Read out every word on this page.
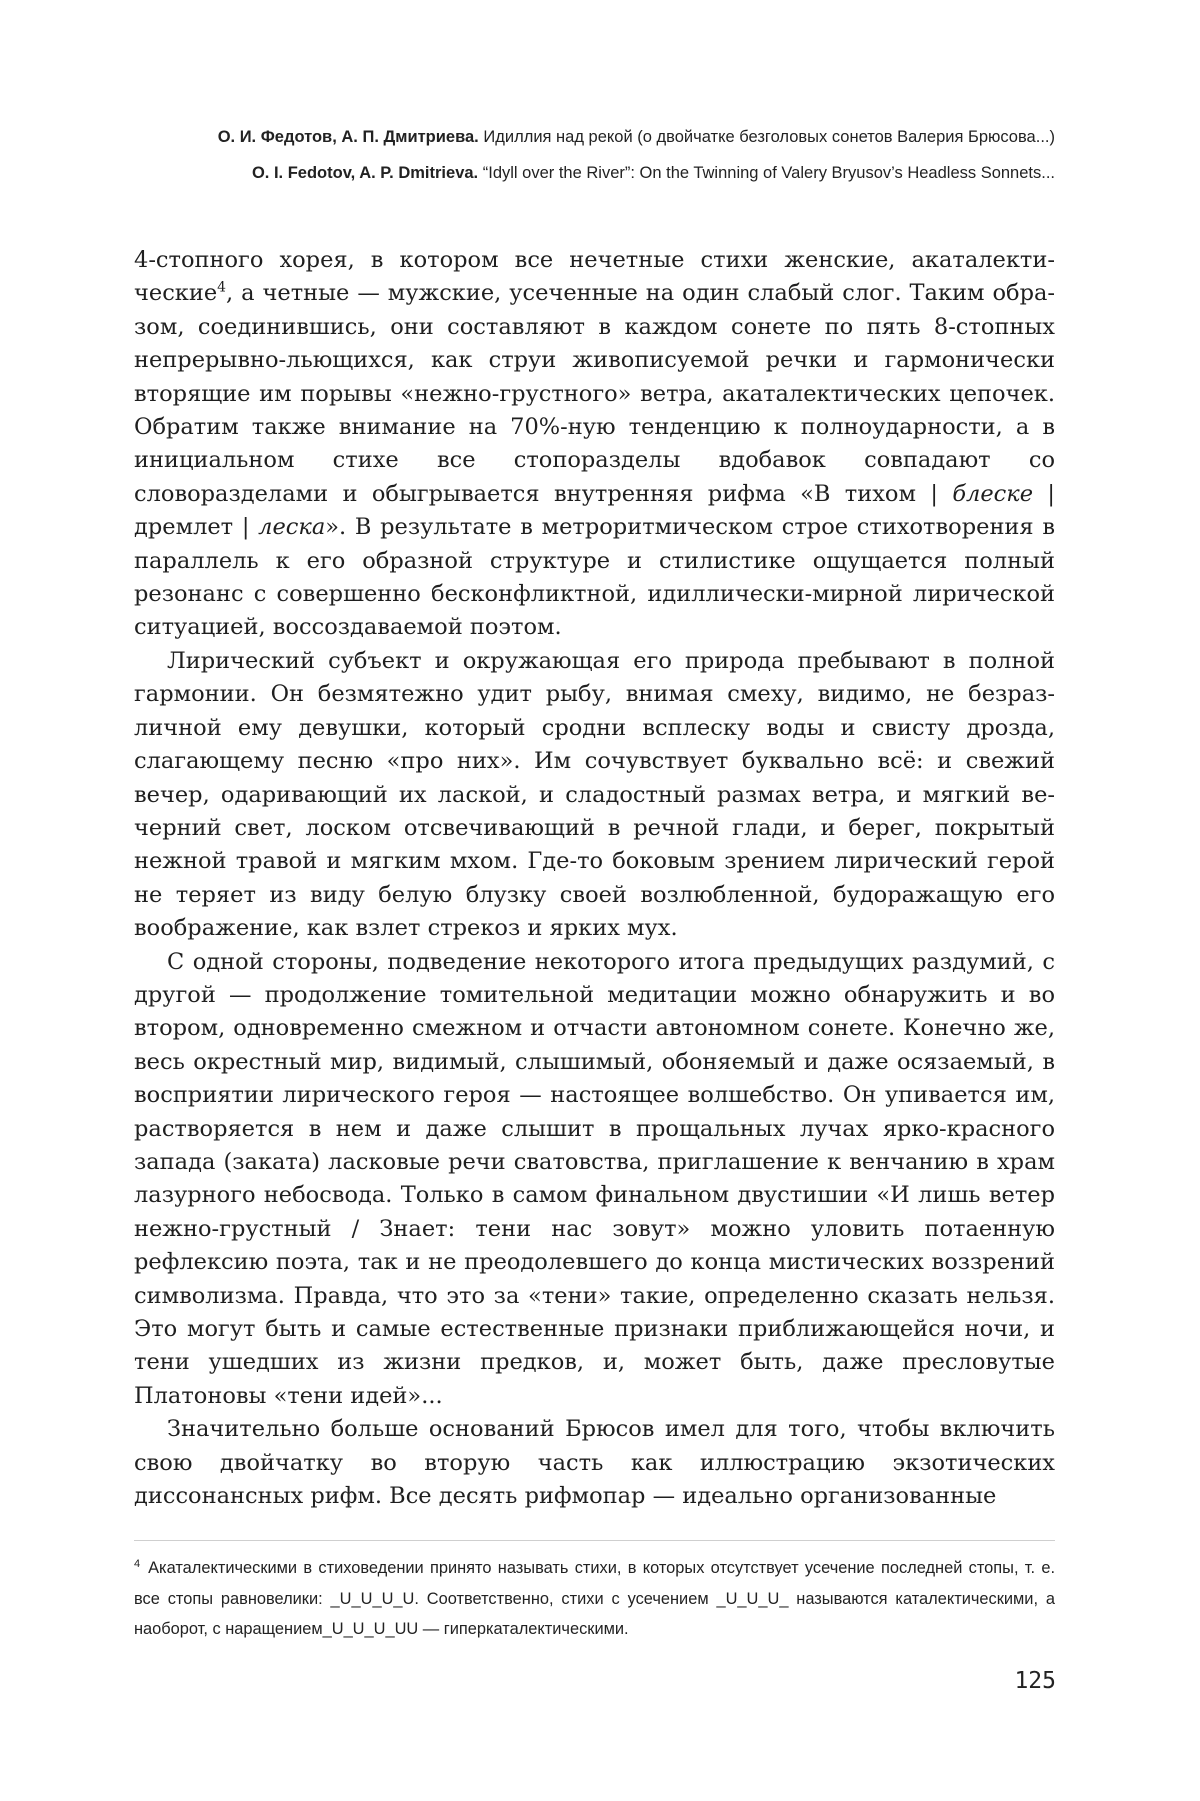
О. И. Федотов, А. П. Дмитриева. Идиллия над рекой (о двойчатке безголовых сонетов Валерия Брюсова...)
O. I. Fedotov, A. P. Dmitrieva. “Idyll over the River”: On the Twinning of Valery Bryusov’s Headless Sonnets...

4-стопного хорея, в котором все нечетные стихи женские, акаталектические$^4$, а четные — мужские, усеченные на один слабый слог. Таким образом, соединившись, они составляют в каждом сонете по пять 8-стопных непрерывно-льющихся, как струи живописуемой речки и гармонически вторящие им порывы «нежно-грустного» ветра, акаталектических цепочек. Обратим также внимание на 70%-ную тенденцию к полноударности, а в инициальном стихе все стопоразделы вдобавок совпадают со словоразделами и обыгрывается внутренняя рифма «В тихом | блеске | дремлет | леска». В результате в метроритмическом строе стихотворения в параллель к его образной структуре и стилистике ощущается полный резонанс с совершенно бесконфликтной, идиллически-мирной лирической ситуацией, воссоздаваемой поэтом.

Лирический субъект и окружающая его природа пребывают в полной гармонии. Он безмятежно удит рыбу, внимая смеху, видимо, не безразличной ему девушки, который сродни всплеску воды и свисту дрозда, слагающему песню «про них». Им сочувствует буквально всё: и свежий вечер, одаривающий их лаской, и сладостный размах ветра, и мягкий вечерний свет, лоском отсвечивающий в речной глади, и берег, покрытый нежной травой и мягким мхом. Где-то боковым зрением лирический герой не теряет из виду белую блузку своей возлюбленной, будоражащую его воображение, как взлет стрекоз и ярких мух.

С одной стороны, подведение некоторого итога предыдущих раздумий, с другой — продолжение томительной медитации можно обнаружить и во втором, одновременно смежном и отчасти автономном сонете. Конечно же, весь окрестный мир, видимый, слышимый, обоняемый и даже осязаемый, в восприятии лирического героя — настоящее волшебство. Он упивается им, растворяется в нем и даже слышит в прощальных лучах ярко-красного запада (заката) ласковые речи сватовства, приглашение к венчанию в храм лазурного небосвода. Только в самом финальном двустишии «И лишь ветер нежно-грустный / Знает: тени нас зовут» можно уловить потаенную рефлексию поэта, так и не преодолевшего до конца мистических воззрений символизма. Правда, что это за «тени» такие, определенно сказать нельзя. Это могут быть и самые естественные признаки приближающейся ночи, и тени ушедших из жизни предков, и, может быть, даже пресловутые Платоновы «тени идей»...

Значительно больше оснований Брюсов имел для того, чтобы включить свою двойчатку во вторую часть как иллюстрацию экзотических диссонансных рифм. Все десять рифмопар — идеально организованные

$^4$ Акаталектическими в стиховедении принято называть стихи, в которых отсутствует усечение последней стопы, т. е. все стопы равновелики: _U_U_U_U. Соответственно, стихи с усечением _U_U_U_ называются каталектическими, а наоборот, с наращением_U_U_U_UU — гиперкаталектическими.
125
